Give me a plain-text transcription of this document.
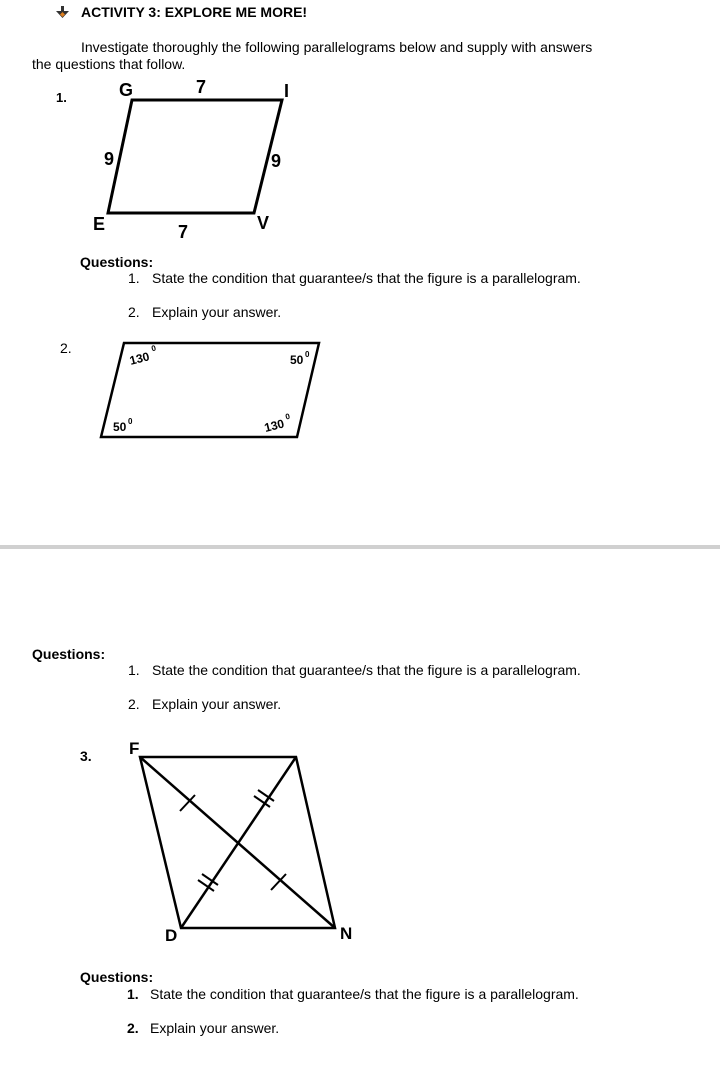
ACTIVITY 3: EXPLORE ME MORE!
Investigate thoroughly the following parallelograms below and supply with answers
the questions that follow.
1.	G	I
E	V
7
7
9	9
130
0
50 0
50 0	130
0
Questions:
1. State the condition that guarantee/s that the figure is a parallelogram.
2. Explain your answer.
2.
Questions:
1. State the condition that guarantee/s that the figure is a parallelogram.
2. Explain your answer.
3. F
D	N
Questions:
1. State the condition that guarantee/s that the figure is a parallelogram.
2. Explain your answer.
